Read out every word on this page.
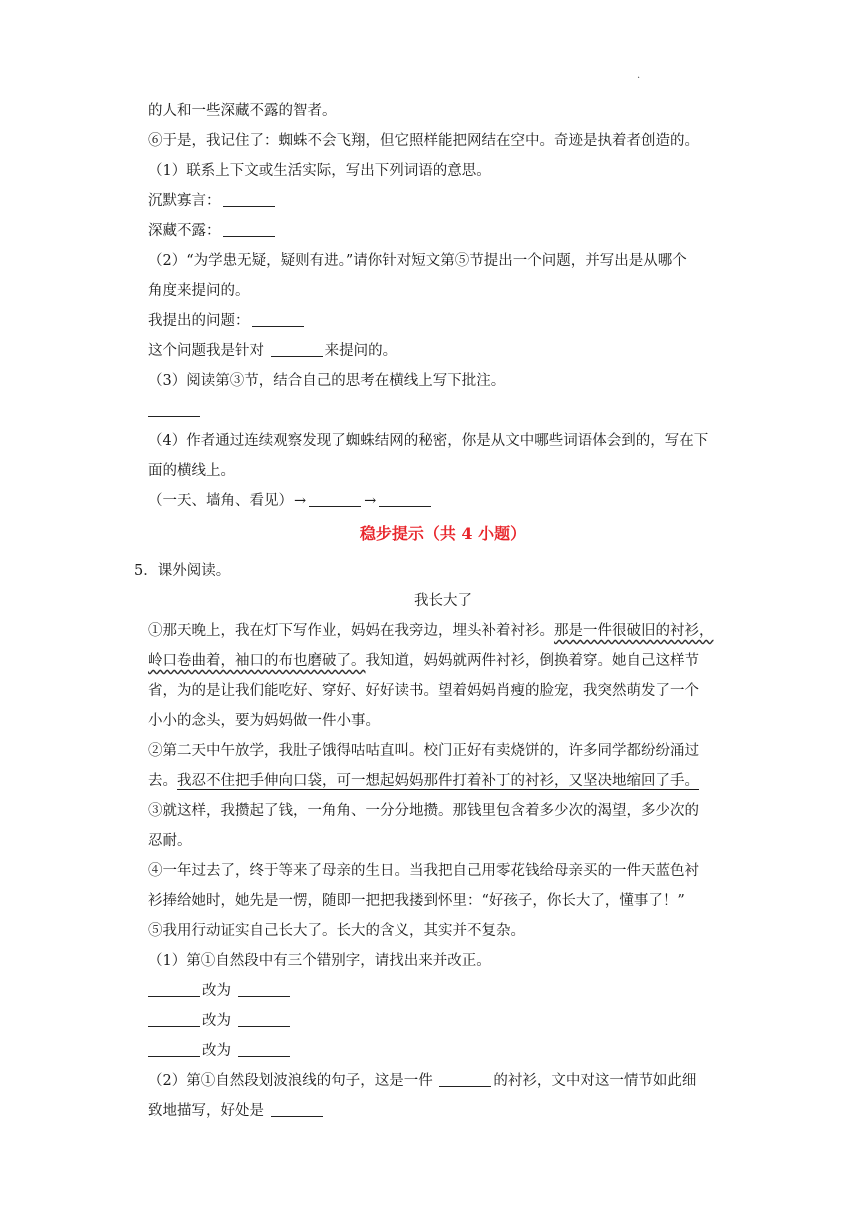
.
的人和一些深藏不露的智者。
⑥于是，我记住了：蜘蛛不会飞翔，但它照样能把网结在空中。奇迹是执着者创造的。
（1）联系上下文或生活实际，写出下列词语的意思。
沉默寡言：
深藏不露：
（2）“为学患无疑，疑则有进。”请你针对短文第⑤节提出一个问题，并写出是从哪个
角度来提问的。
我提出的问题：
这个问题我是针对	来提问的。
（3）阅读第③节，结合自己的思考在横线上写下批注。
（4）作者通过连续观察发现了蜘蛛结网的秘密，你是从文中哪些词语体会到的，写在下
面的横线上。
（一天、墙角、看见）→	→
稳步提示（共 4 小题）
5．课外阅读。
我长大了
①那天晚上，我在灯下写作业，妈妈在我旁边，埋头补着衬衫。那是一件很破旧的衬衫，
岭口卷曲着，袖口的布也磨破了。我知道，妈妈就两件衬衫，倒换着穿。她自己这样节
省，为的是让我们能吃好、穿好、好好读书。望着妈妈肖瘦的脸宠，我突然萌发了一个
小小的念头，要为妈妈做一件小事。
②第二天中午放学，我肚子饿得咕咕直叫。校门正好有卖烧饼的，许多同学都纷纷涌过
去。我忍不住把手伸向口袋，可一想起妈妈那件打着补丁的衬衫，又坚决地缩回了手。
③就这样，我攒起了钱，一角角、一分分地攒。那钱里包含着多少次的渴望，多少次的
忍耐。
④一年过去了，终于等来了母亲的生日。当我把自己用零花钱给母亲买的一件天蓝色衬
衫捧给她时，她先是一愣，随即一把把我搂到怀里：“好孩子，你长大了，懂事了！”
⑤我用行动证实自己长大了。长大的含义，其实并不复杂。
（1）第①自然段中有三个错别字，请找出来并改正。
改为
改为
改为
（2）第①自然段划波浪线的句子，这是一件	的衬衫，文中对这一情节如此细
致地描写，好处是
